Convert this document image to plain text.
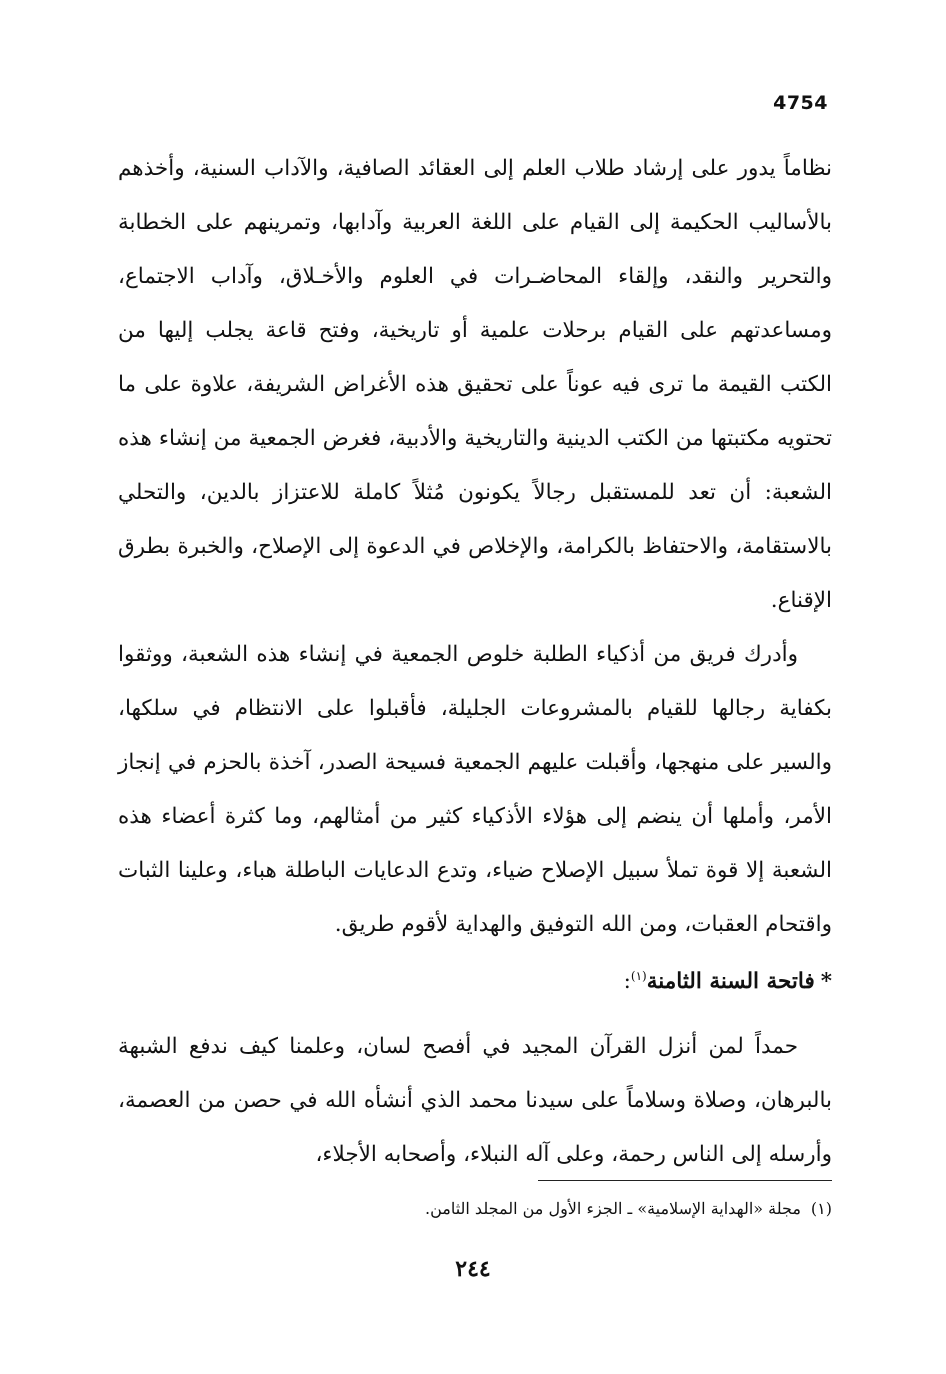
4754

نظاماً يدور على إرشاد طلاب العلم إلى العقائد الصافية، والآداب السنية، وأخذهم بالأساليب الحكيمة إلى القيام على اللغة العربية وآدابها، وتمرينهم على الخطابة والتحرير والنقد، وإلقاء المحاضـرات في العلوم والأخـلاق، وآداب الاجتماع، ومساعدتهم على القيام برحلات علمية أو تاريخية، وفتح قاعة يجلب إليها من الكتب القيمة ما ترى فيه عوناً على تحقيق هذه الأغراض الشريفة، علاوة على ما تحتويه مكتبتها من الكتب الدينية والتاريخية والأدبية، فغرض الجمعية من إنشاء هذه الشعبة: أن تعد للمستقبل رجالاً يكونون مُثلاً كاملة للاعتزاز بالدين، والتحلي بالاستقامة، والاحتفاظ بالكرامة، والإخلاص في الدعوة إلى الإصلاح، والخبرة بطرق الإقناع.

وأدرك فريق من أذكياء الطلبة خلوص الجمعية في إنشاء هذه الشعبة، ووثقوا بكفاية رجالها للقيام بالمشروعات الجليلة، فأقبلوا على الانتظام في سلكها، والسير على منهجها، وأقبلت عليهم الجمعية فسيحة الصدر، آخذة بالحزم في إنجاز الأمر، وأملها أن ينضم إلى هؤلاء الأذكياء كثير من أمثالهم، وما كثرة أعضاء هذه الشعبة إلا قوة تملأ سبيل الإصلاح ضياء، وتدع الدعايات الباطلة هباء، وعلينا الثبات واقتحام العقبات، ومن الله التوفيق والهداية لأقوم طريق.

*فاتحة السنة الثامنة$^{(١)}$:

حمداً لمن أنزل القرآن المجيد في أفصح لسان، وعلمنا كيف ندفع الشبهة بالبرهان، وصلاة وسلاماً على سيدنا محمد الذي أنشأه الله في حصن من العصمة، وأرسله إلى الناس رحمة، وعلى آله النبلاء، وأصحابه الأجلاء،

(١)مجلة «الهداية الإسلامية» ـ الجزء الأول من المجلد الثامن.
٢٤٤
